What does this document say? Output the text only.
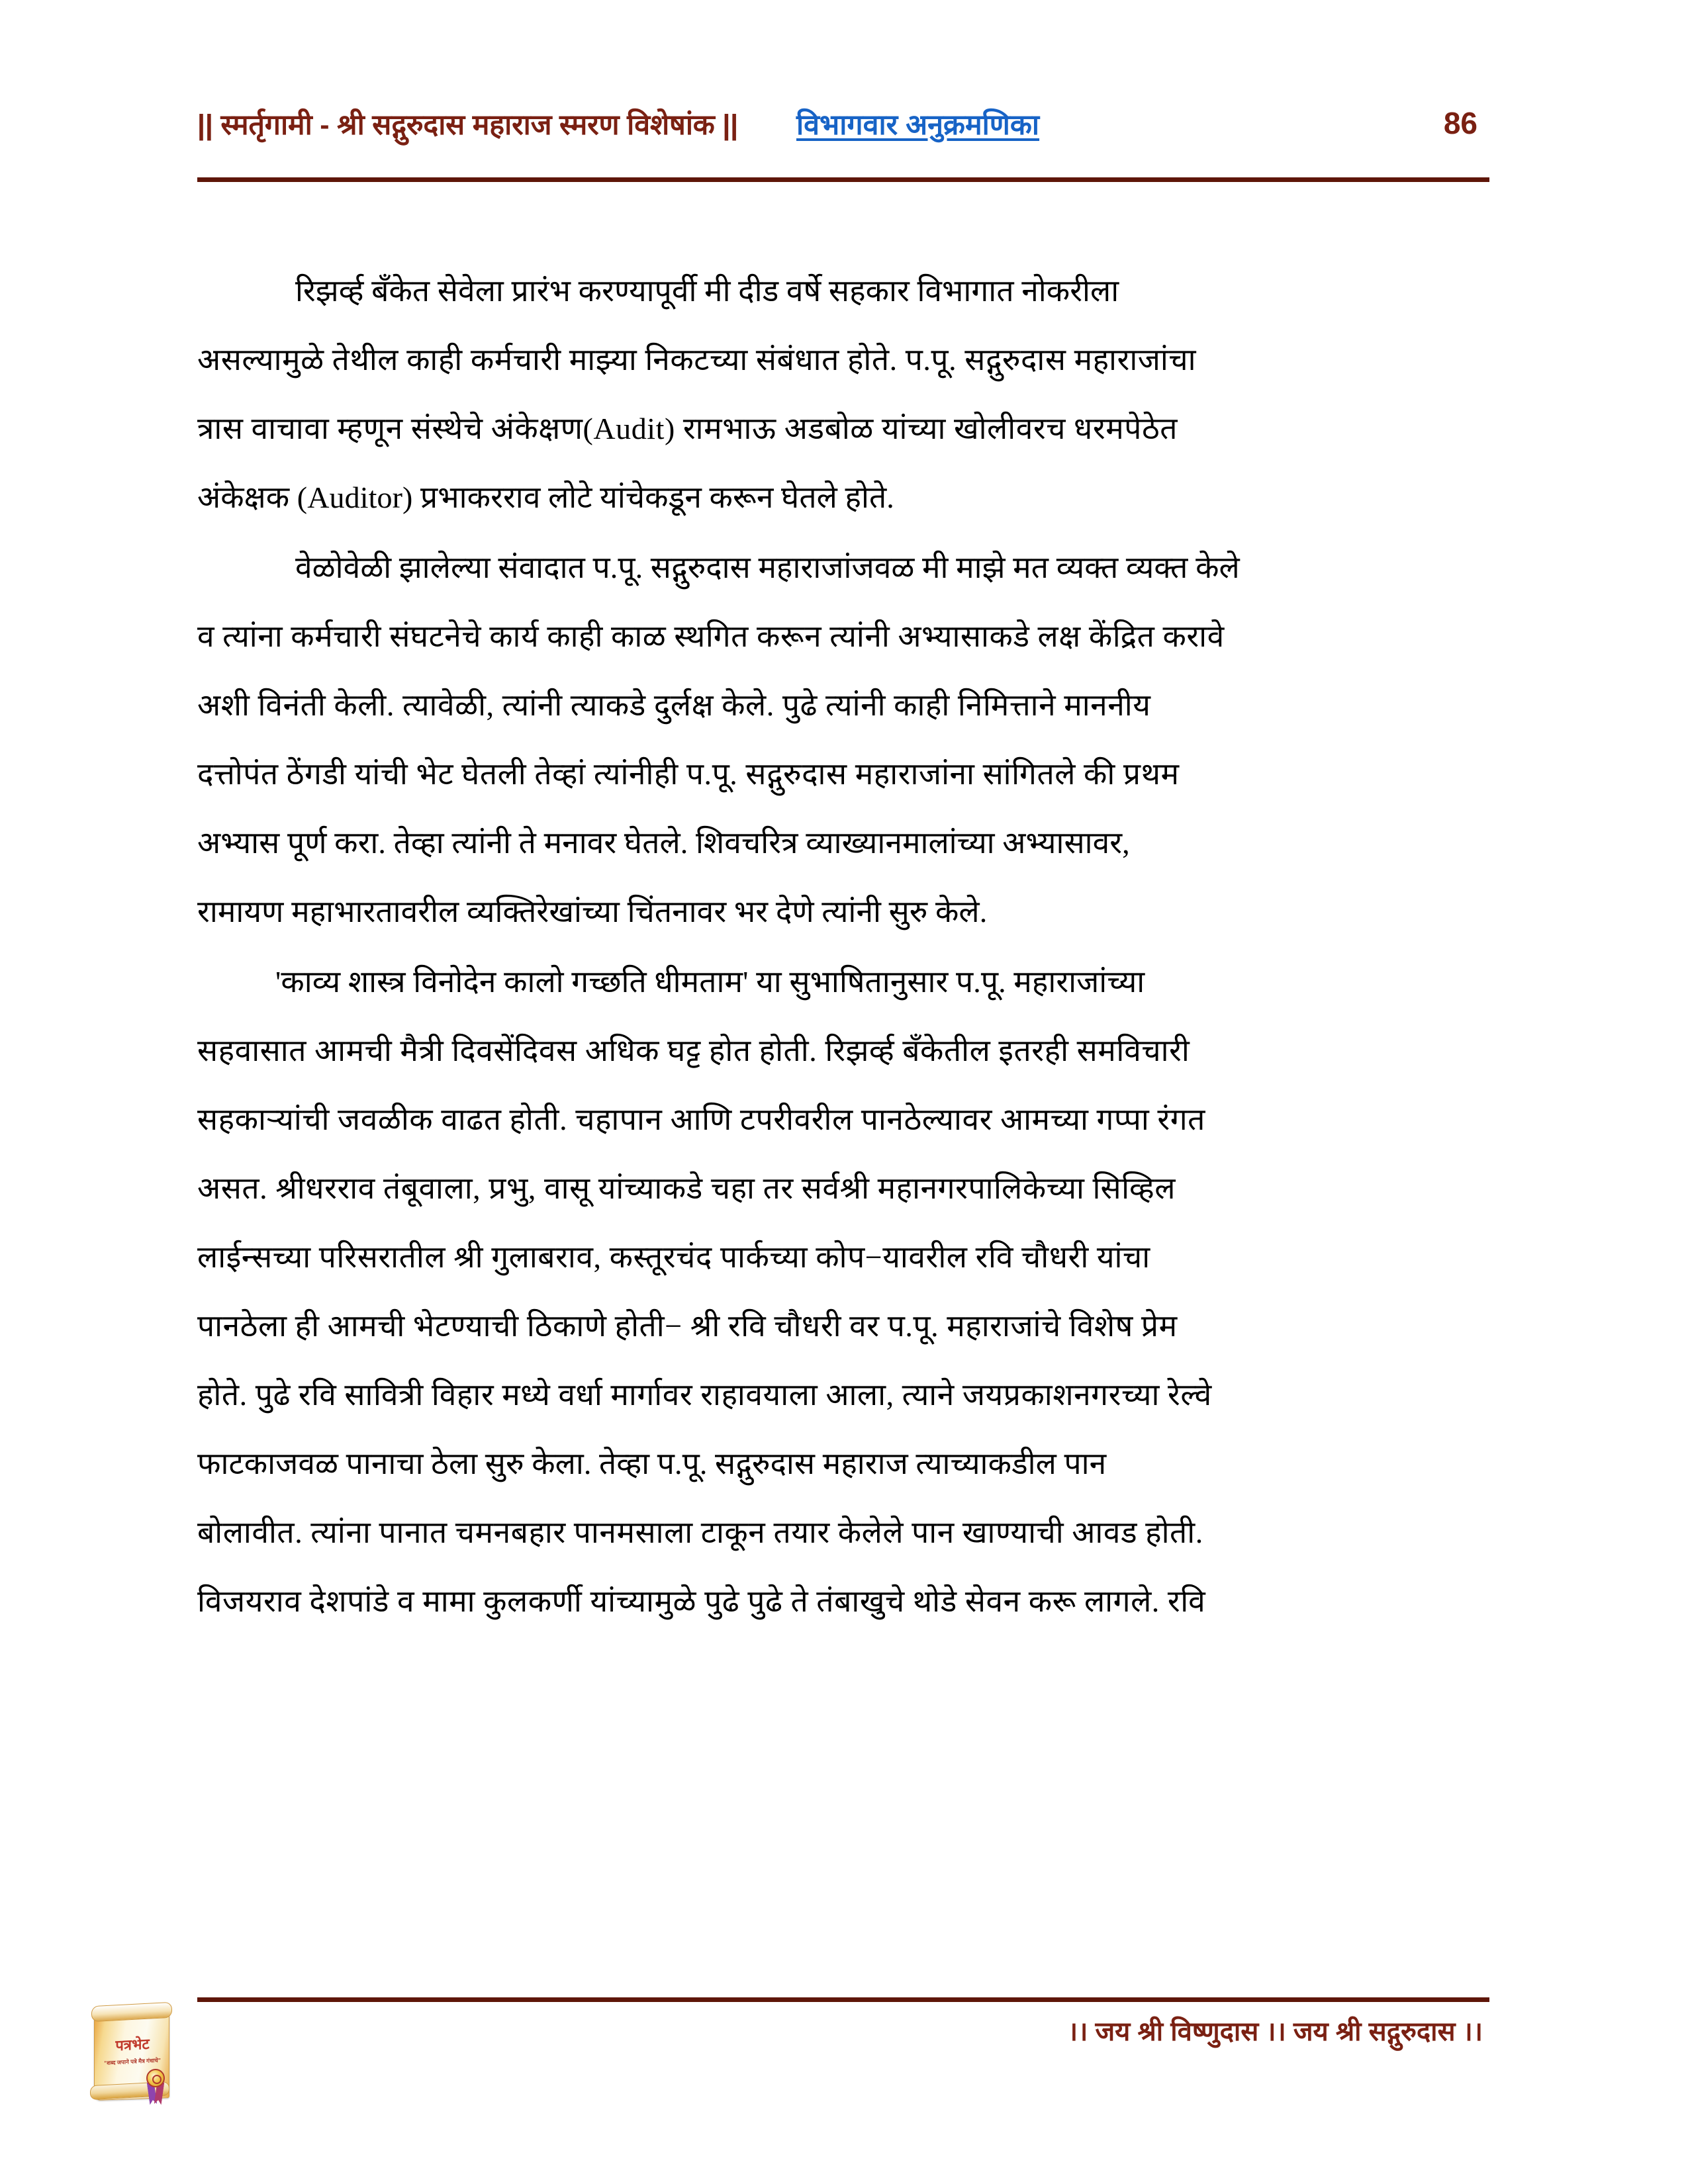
|| स्मर्तृगामी - श्री सद्गुरुदास महाराज स्मरण विशेषांक || विभागवार अनुक्रमणिका	86
रिझर्व्ह बँकेत सेवेला प्रारंभ करण्यापूर्वी मी दीड वर्षे सहकार विभागात नोकरीला
असल्यामुळे तेथील काही कर्मचारी माझ्या निकटच्या संबंधात होते. प.पू. सद्गुरुदास महाराजांचा
त्रास वाचावा म्हणून संस्थेचे अंकेक्षण(Audit) रामभाऊ अडबोळ यांच्या खोलीवरच धरमपेठेत
अंकेक्षक (Auditor) प्रभाकरराव लोटे यांचेकडून करून घेतले होते.
वेळोवेळी झालेल्या संवादात प.पू. सद्गुरुदास महाराजांजवळ मी माझे मत व्यक्त व्यक्त केले
व त्यांना कर्मचारी संघटनेचे कार्य काही काळ स्थगित करून त्यांनी अभ्यासाकडे लक्ष केंद्रित करावे
अशी विनंती केली. त्यावेळी, त्यांनी त्याकडे दुर्लक्ष केले. पुढे त्यांनी काही निमित्ताने माननीय
दत्तोपंत ठेंगडी यांची भेट घेतली तेव्हां त्यांनीही प.पू. सद्गुरुदास महाराजांना सांगितले की प्रथम
अभ्यास पूर्ण करा. तेव्हा त्यांनी ते मनावर घेतले. शिवचरित्र व्याख्यानमालांच्या अभ्यासावर,
रामायण महाभारतावरील व्यक्तिरेखांच्या चिंतनावर भर देणे त्यांनी सुरु केले.
'काव्य शास्त्र विनोदेन कालो गच्छति धीमताम' या सुभाषितानुसार प.पू. महाराजांच्या
सहवासात आमची मैत्री दिवसेंदिवस अधिक घट्ट होत होती. रिझर्व्ह बँकेतील इतरही समविचारी
सहकाऱ्यांची जवळीक वाढत होती. चहापान आणि टपरीवरील पानठेल्यावर आमच्या गप्पा रंगत
असत. श्रीधरराव तंबूवाला, प्रभु, वासू यांच्याकडे चहा तर सर्वश्री महानगरपालिकेच्या सिव्हिल
लाईन्सच्या परिसरातील श्री गुलाबराव, कस्तूरचंद पार्कच्या कोप−यावरील रवि चौधरी यांचा
पानठेला ही आमची भेटण्याची ठिकाणे होती− श्री रवि चौधरी वर प.पू. महाराजांचे विशेष प्रेम
होते. पुढे रवि सावित्री विहार मध्ये वर्धा मार्गावर राहावयाला आला, त्याने जयप्रकाशनगरच्या रेल्वे
फाटकाजवळ पानाचा ठेला सुरु केला. तेव्हा प.पू. सद्गुरुदास महाराज त्याच्याकडील पान
बोलावीत. त्यांना पानात चमनबहार पानमसाला टाकून तयार केलेले पान खाण्याची आवड होती.
विजयराव देशपांडे व मामा कुलकर्णी यांच्यामुळे पुढे पुढे ते तंबाखुचे थोडे सेवन करू लागले. रवि
पत्रभेट
"शब्द जपाने पत्रे मैत्र गंधाचे"
।। जय श्री विष्णुदास ।। जय श्री सद्गुरुदास ।।
